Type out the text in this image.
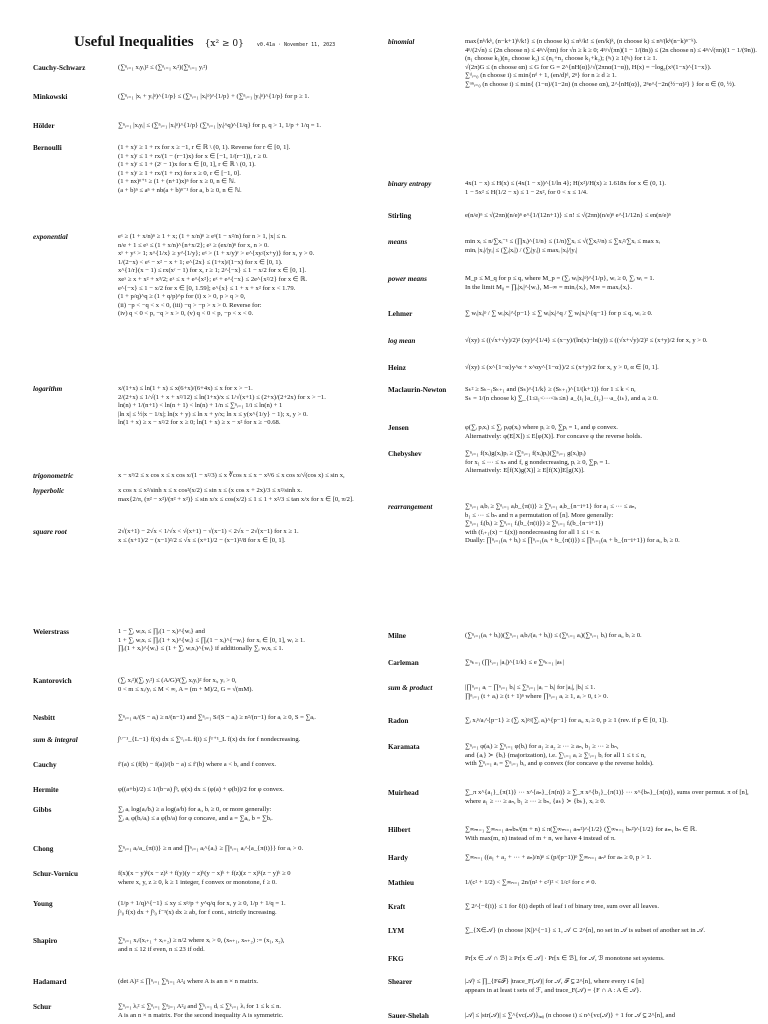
Useful Inequalities {x² ≥ 0}	v0.41a · November 11, 2023
Cauchy-Schwarz	(∑ⁿᵢ₌₁ xᵢyᵢ)² ≤ (∑ⁿᵢ₌₁ xᵢ²)(∑ⁿᵢ₌₁ yᵢ²)
Minkowski	(∑ⁿᵢ₌₁ |xᵢ + yᵢ|ᵖ)^{1/p} ≤ (∑ⁿᵢ₌₁ |xᵢ|ᵖ)^{1/p} + (∑ⁿᵢ₌₁ |yᵢ|ᵖ)^{1/p} for p ≥ 1.
Hölder	∑ⁿᵢ₌₁ |xᵢyᵢ| ≤ (∑ⁿᵢ₌₁ |xᵢ|ᵖ)^{1/p} (∑ⁿᵢ₌₁ |yᵢ|^q)^{1/q} for p, q > 1, 1/p + 1/q = 1.
Bernoulli	(1 + x)ʳ ≥ 1 + rx for x ≥ −1, r ∈ ℝ \ (0, 1). Reverse for r ∈ [0, 1].
(1 + x)ʳ ≤ 1 + rx/(1 − (r−1)x) for x ∈ [−1, 1/(r−1)), r ≥ 0.
(1 + x)ʳ ≤ 1 + (2ʳ − 1)x for x ∈ [0, 1], r ∈ ℝ \ (0, 1).
(1 + x)ʳ ≥ 1 + rx/(1 + rx) for x ≥ 0, r ∈ [−1, 0].
(1 + nx)ⁿ⁺¹ ≥ (1 + (n+1)x)ⁿ for x ≥ 0, n ∈ ℕ.
(a + b)ⁿ ≤ aⁿ + nb(a + b)ⁿ⁻¹ for a, b ≥ 0, n ∈ ℕ.
exponential	eˣ ≥ (1 + x/n)ⁿ ≥ 1 + x; (1 + x/n)ⁿ ≥ eˣ(1 − x²/n) for n > 1, |x| ≤ n.
n/e + 1 ≤ eˣ ≤ (1 + x/n)^{n+x/2}; eˣ ≥ (ex/n)ⁿ for x, n > 0.
xʸ + yˣ > 1; x^{1/x} ≥ y^{1/y}; eˣ > (1 + x/y)ʸ > e^{xy/(x+y)} for x, y > 0.
1/(2−x) < eˣ − x² − x + 1; e^{2x} ≤ (1+x)/(1−x) for x ∈ [0, 1).
x^{1/r}(x − 1) ≤ rx(xʳ − 1) for x, r ≥ 1; 2^{−x} ≤ 1 − x/2 for x ∈ [0, 1].
xeˣ ≥ x + x² + x³/2; eˣ ≤ x + e^{x²}; eˣ + e^{−x} ≤ 2e^{x²/2} for x ∈ ℝ.
e^{−x} ≤ 1 − x/2 for x ∈ [0, 1.59]; e^{x} ≤ 1 + x + x² for x < 1.79.
(1 + p/q)^q ≥ (1 + q/p)^p for (i) x > 0, p > q > 0,
(ii) −p < −q < x < 0, (iii) −q > −p > x > 0. Reverse for:
(iv) q < 0 < p, −q > x > 0, (v) q < 0 < p, −p < x < 0.
logarithm	x/(1+x) ≤ ln(1 + x) ≤ x(6+x)/(6+4x) ≤ x for x > −1.
2/(2+x) ≤ 1/√(1 + x + x²/12) ≤ ln(1+x)/x ≤ 1/√(x+1) ≤ (2+x)/(2+2x) for x > −1.
ln(n) + 1/(n+1) < ln(n + 1) < ln(n) + 1/n ≤ ∑ⁿᵢ₌₁ 1/i ≤ ln(n) + 1
|ln x| ≤ ½|x − 1/x|; ln(x + y) ≤ ln x + y/x; ln x ≤ y(x^{1/y} − 1); x, y > 0.
ln(1 + x) ≥ x − x²/2 for x ≥ 0; ln(1 + x) ≥ x − x² for x ≥ −0.68.
trigonometric	x − x³/2 ≤ x cos x ≤ x cos x/(1 − x²/3) ≤ x ∛cos x ≤ x − x³/6 ≤ x cos x/√(cos x) ≤ sin x,
hyperbolic	x cos x ≤ x²/sinh x ≤ x cos²(x/2) ≤ sin x ≤ (x cos x + 2x)/3 ≤ x²/sinh x.
max{2/π, (π² − x²)/(π² + x²)} ≤ sin x/x ≤ cos(x/2) ≤ 1 ≤ 1 + x²/3 ≤ tan x/x for x ∈ [0, π/2].
square root	2√(x+1) − 2√x < 1/√x < √(x+1) − √(x−1) < 2√x − 2√(x−1) for x ≥ 1.
x ≤ (x+1)/2 − (x−1)²/2 ≤ √x ≤ (x+1)/2 − (x−1)²/8 for x ∈ [0, 1].
binomial	max{nᵏ/kᵏ, (n−k+1)ᵏ/k!} ≤ (n choose k) ≤ nᵏ/k! ≤ (en/k)ᵏ, (n choose k) ≤ nⁿ/(kᵏ(n−k)ⁿ⁻ᵏ).
4ⁿ/(2√n) ≤ (2n choose n) ≤ 4ⁿ/√(πn) for √n ≥ k ≥ 0; 4ⁿ/√(πn)(1 − 1/(8n)) ≤ (2n choose n) ≤ 4ⁿ/√(πn)(1 − 1/(9n)).
(n₁ choose k₁)(n₂ choose k₂) ≤ (n₁+n₂ choose k₁+k₂); (ⁿₜ) ≥ 1(ⁿₜ) for t ≥ 1.
√(2π)G ≤ (n choose αn) ≤ G for G = 2^{nH(α)}/√(2πnα(1−α)), H(x) = −log₂(xˣ(1−x)^{1−x}).
∑ᵈᵢ₌₀ (n choose i) ≤ min{nᵈ + 1, (en/d)ᵈ, 2ⁿ} for n ≥ d ≥ 1.
∑ᵅⁿᵢ₌₀ (n choose i) ≤ min{ (1−α)/(1−2α) (n choose αn), 2^{nH(α)}, 2ⁿe^{−2n(½−α)²} } for α ∈ (0, ½).
binary entropy	4x(1 − x) ≤ H(x) ≤ (4x(1 − x))^{1/ln 4}; H(x²)/H(x) ≥ 1.618x for x ∈ (0, 1).
1 − 5x² ≤ H(1/2 − x) ≤ 1 − 2x², for 0 < x ≤ 1/4.
Stirling	e(n/e)ⁿ ≤ √(2πn)(n/e)ⁿ e^{1/(12n+1)} ≤ n! ≤ √(2πn)(n/e)ⁿ e^{1/12n} ≤ en(n/e)ⁿ
means	min xᵢ ≤ n/∑xᵢ⁻¹ ≤ (∏xᵢ)^{1/n} ≤ (1/n)∑xᵢ ≤ √(∑xᵢ²/n) ≤ ∑xᵢ²/∑xᵢ ≤ max xᵢ
minᵢ |xᵢ|/|yᵢ| ≤ (∑ᵢ|xᵢ|) / (∑ᵢ|yᵢ|) ≤ maxᵢ |xᵢ|/|yᵢ|
power means	M_p ≤ M_q for p ≤ q, where M_p = (∑ᵢ wᵢ|xᵢ|ᵖ)^{1/p}, wᵢ ≥ 0, ∑ᵢ wᵢ = 1.
In the limit M₀ = ∏ᵢ|xᵢ|^{wᵢ}, M₋∞ = minᵢ{xᵢ}, M∞ = maxᵢ{xᵢ}.
Lehmer	∑ wᵢ|xᵢ|ᵖ / ∑ wᵢ|xᵢ|^{p−1} ≤ ∑ wᵢ|xᵢ|^q / ∑ wᵢ|xᵢ|^{q−1} for p ≤ q, wᵢ ≥ 0.
log mean	√(xy) ≤ ((√x+√y)/2)² (xy)^{1/4} ≤ (x−y)/(ln(x)−ln(y)) ≤ ((√x+√y)/2)² ≤ (x+y)/2 for x, y > 0.
Heinz	√(xy) ≤ (x^{1−α}y^α + x^αy^{1−α})/2 ≤ (x+y)/2 for x, y > 0, α ∈ [0, 1].
Maclaurin-Newton	Sₖ² ≥ Sₖ₋₁Sₖ₊₁ and (Sₖ)^{1/k} ≥ (Sₖ₊₁)^{1/(k+1)} for 1 ≤ k < n,
Sₖ = 1/(n choose k) ∑_{1≤i₁<···<iₖ≤n} a_{i₁}a_{i₂}···a_{iₖ}, and aᵢ ≥ 0.
Jensen	φ(∑ᵢ pᵢxᵢ) ≤ ∑ᵢ pᵢφ(xᵢ) where pᵢ ≥ 0, ∑pᵢ = 1, and φ convex.
Alternatively: φ(E[X]) ≤ E[φ(X)]. For concave φ the reverse holds.
Chebyshev	∑ⁿᵢ₌₁ f(xᵢ)g(xᵢ)pᵢ ≥ (∑ⁿᵢ₌₁ f(xᵢ)pᵢ)(∑ⁿᵢ₌₁ g(xᵢ)pᵢ)
for x₁ ≤ ··· ≤ xₙ and f, g nondecreasing, pᵢ ≥ 0, ∑pᵢ = 1.
Alternatively: E[f(X)g(X)] ≥ E[f(X)]E[g(X)].
rearrangement	∑ⁿᵢ₌₁ aᵢbᵢ ≥ ∑ⁿᵢ₌₁ aᵢb_{π(i)} ≥ ∑ⁿᵢ₌₁ aᵢb_{n−i+1} for a₁ ≤ ··· ≤ aₙ,
b₁ ≤ ··· ≤ bₙ and π a permutation of [n]. More generally:
∑ⁿᵢ₌₁ fᵢ(bᵢ) ≥ ∑ⁿᵢ₌₁ fᵢ(b_{π(i)}) ≥ ∑ⁿᵢ₌₁ fᵢ(b_{n−i+1})
with (fᵢ₊₁(x) − fᵢ(x)) nondecreasing for all 1 ≤ i < n.
Dually: ∏ⁿᵢ₌₁(aᵢ + bᵢ) ≤ ∏ⁿᵢ₌₁(aᵢ + b_{π(i)}) ≤ ∏ⁿᵢ₌₁(aᵢ + b_{n−i+1}) for aᵢ, bᵢ ≥ 0.
Weierstrass	1 − ∑ᵢ wᵢxᵢ ≤ ∏ᵢ(1 − xᵢ)^{wᵢ} and
1 + ∑ᵢ wᵢxᵢ ≤ ∏ᵢ(1 + xᵢ)^{wᵢ} ≤ ∏ᵢ(1 − xᵢ)^{−wᵢ} for xᵢ ∈ [0, 1], wᵢ ≥ 1.
∏ᵢ(1 + xᵢ)^{wᵢ} ≤ (1 + ∑ᵢ wᵢxᵢ)^{wᵢ} if additionally ∑ᵢ wᵢxᵢ ≤ 1.
Kantorovich	(∑ᵢ xᵢ²)(∑ᵢ yᵢ²) ≤ (A/G)²(∑ᵢ xᵢyᵢ)² for xᵢ, yᵢ > 0,
0 < m ≤ xᵢ/yᵢ ≤ M < ∞, A = (m + M)/2, G = √(mM).
Nesbitt	∑ⁿᵢ₌₁ aᵢ/(S − aᵢ) ≥ n/(n−1) and ∑ⁿᵢ₌₁ S/(S − aᵢ) ≥ n²/(n−1) for aᵢ ≥ 0, S = ∑aᵢ.
sum & integral	∫ᵁ⁻¹_{L−1} f(x) dx ≤ ∑ᵁᵢ₌L f(i) ≤ ∫ᵁ⁺¹_L f(x) dx for f nondecreasing.
Cauchy	f′(a) ≤ (f(b) − f(a))/(b − a) ≤ f′(b) where a < b, and f convex.
Hermite	φ((a+b)/2) ≤ 1/(b−a) ∫ᵇₐ φ(x) dx ≤ (φ(a) + φ(b))/2 for φ convex.
Gibbs	∑ᵢ aᵢ log(aᵢ/bᵢ) ≥ a log(a/b) for aᵢ, bᵢ ≥ 0, or more generally:
∑ᵢ aᵢ φ(bᵢ/aᵢ) ≤ a φ(b/a) for φ concave, and a = ∑aᵢ, b = ∑bᵢ.
Chong	∑ⁿᵢ₌₁ aᵢ/a_{π(i)} ≥ n and ∏ⁿᵢ₌₁ aᵢ^{aᵢ} ≥ ∏ⁿᵢ₌₁ aᵢ^{a_{π(i)}} for aᵢ > 0.
Schur-Vornicu	f(x)(x − y)ᵏ(x − z)ᵏ + f(y)(y − z)ᵏ(y − x)ᵏ + f(z)(z − x)ᵏ(z − y)ᵏ ≥ 0
where x, y, z ≥ 0, k ≥ 1 integer, f convex or monotone, f ≥ 0.
Young	(1/p + 1/q)^{−1} ≤ xy ≤ xᵖ/p + y^q/q for x, y ≥ 0, 1/p + 1/q = 1.
∫ᵃ₀ f(x) dx + ∫ᵇ₀ f⁻¹(x) dx ≥ ab, for f cont., strictly increasing.
Shapiro	∑ⁿᵢ₌₁ xᵢ/(xᵢ₊₁ + xᵢ₊₂) ≥ n/2 where xᵢ > 0, (xₙ₊₁, xₙ₊₂) := (x₁, x₂),
and n ≤ 12 if even, n ≤ 23 if odd.
Hadamard	(det A)² ≤ ∏ⁿᵢ₌₁ ∑ⁿⱼ₌₁ A²ᵢⱼ where A is an n × n matrix.
Schur	∑ⁿᵢ₌₁ λᵢ² ≤ ∑ⁿᵢ₌₁ ∑ⁿⱼ₌₁ A²ᵢⱼ and ∑ᵏᵢ₌₁ dᵢ ≤ ∑ᵏᵢ₌₁ λᵢ for 1 ≤ k ≤ n.
A is an n × n matrix. For the second inequality A is symmetric.
Milne	(∑ⁿᵢ₌₁(aᵢ + bᵢ))(∑ⁿᵢ₌₁ aᵢbᵢ/(aᵢ + bᵢ)) ≤ (∑ⁿᵢ₌₁ aᵢ)(∑ⁿᵢ₌₁ bᵢ) for aᵢ, bᵢ ≥ 0.
Carleman	∑ⁿₖ₌₁ (∏ᵏᵢ₌₁ |aᵢ|)^{1/k} ≤ e ∑ⁿₖ₌₁ |aₖ|
sum & product	|∏ⁿᵢ₌₁ aᵢ − ∏ⁿᵢ₌₁ bᵢ| ≤ ∑ⁿᵢ₌₁ |aᵢ − bᵢ| for |aᵢ|, |bᵢ| ≤ 1.
∏ⁿᵢ₌₁ (t + aᵢ) ≥ (t + 1)ⁿ where ∏ⁿᵢ₌₁ aᵢ ≥ 1, aᵢ > 0, t > 0.
Radon	∑ᵢ xᵢᵖ/aᵢ^{p−1} ≥ (∑ᵢ xᵢ)ᵖ/(∑ᵢ aᵢ)^{p−1} for aᵢ, xᵢ ≥ 0, p ≥ 1 (rev. if p ∈ [0, 1]).
Karamata	∑ⁿᵢ₌₁ φ(aᵢ) ≥ ∑ⁿᵢ₌₁ φ(bᵢ) for a₁ ≥ a₂ ≥ ··· ≥ aₙ, b₁ ≥ ··· ≥ bₙ,
and {aᵢ} ≻ {bᵢ} (majorization), i.e. ∑ᵗᵢ₌₁ aᵢ ≥ ∑ᵗᵢ₌₁ bᵢ for all 1 ≤ t ≤ n,
with ∑ⁿᵢ₌₁ aᵢ = ∑ⁿᵢ₌₁ bᵢ, and φ convex (for concave φ the reverse holds).
Muirhead	∑_π x^{a₁}_{π(1)} ··· x^{aₙ}_{π(n)} ≥ ∑_π x^{b₁}_{π(1)} ··· x^{bₙ}_{π(n)}, sums over permut. π of [n],
where a₁ ≥ ··· ≥ aₙ, b₁ ≥ ··· ≥ bₙ, {aₖ} ≻ {bₖ}, xᵢ ≥ 0.
Hilbert	∑∞ₘ₌₁ ∑∞ₙ₌₁ aₘbₙ/(m + n) ≤ π(∑∞ₘ₌₁ aₘ²)^{1/2} (∑∞ₙ₌₁ bₙ²)^{1/2} for aₘ, bₙ ∈ ℝ.
With max(m, n) instead of m + n, we have 4 instead of π.
Hardy	∑∞ₙ₌₁ ((a₁ + a₂ + ··· + aₙ)/n)ᵖ ≤ (p/(p−1))ᵖ ∑∞ₙ₌₁ aₙᵖ for aₙ ≥ 0, p > 1.
Mathieu	1/(c² + 1/2) < ∑∞ₙ₌₁ 2n/(n² + c²)² < 1/c² for c ≠ 0.
Kraft	∑ 2^{−ℓ(i)} ≤ 1 for ℓ(i) depth of leaf i of binary tree, sum over all leaves.
LYM	∑_{X∈𝒜} (n choose |X|)^{−1} ≤ 1, 𝒜 ⊂ 2^[n], no set in 𝒜 is subset of another set in 𝒜.
FKG	Pr[x ∈ 𝒜 ∩ ℬ] ≥ Pr[x ∈ 𝒜] · Pr[x ∈ ℬ], for 𝒜, ℬ monotone set systems.
Shearer	|𝒜|ᵗ ≤ ∏_{F∈ℱ} |trace_F(𝒜)| for 𝒜, ℱ ⊆ 2^[n], where every i ∈ [n]
appears in at least t sets of ℱ, and trace_F(𝒜) = {F ∩ A : A ∈ 𝒜}.
Sauer-Shelah	|𝒜| ≤ |str(𝒜)| ≤ ∑^{vc(𝒜)}ᵢ₌₀ (n choose i) ≤ n^{vc(𝒜)} + 1 for 𝒜 ⊆ 2^[n], and
